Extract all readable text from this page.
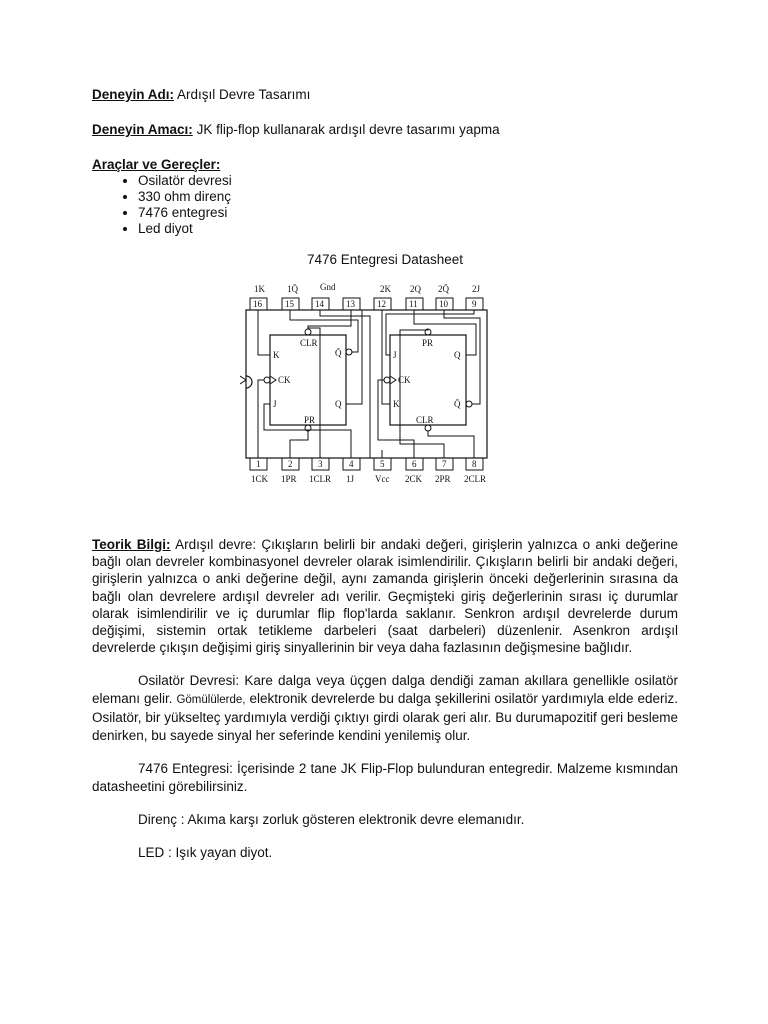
Deneyin Adı: Ardışıl Devre Tasarımı
Deneyin Amacı: JK flip-flop kullanarak ardışıl devre tasarımı yapma
Araçlar ve Gereçler:
• Osilatör devresi
• 330 ohm direnç
• 7476 entegresi
• Led diyot
7476 Entegresi Datasheet
1K 1Q̄ Gnd	2K 2Q 2Q̄	2J
16	15 14 13 12	11 10	9
CLR
K
CK
J
PR
Q̄
Q
PR
J
CK
K
CLR
Q
Q̄
1	2	3	4	5	6	7	8
1CK 1PR 1CLR 1J Vcc 2CK 2PR 2CLR
Teorik Bilgi: Ardışıl devre: Çıkışların belirli bir andaki değeri, girişlerin yalnızca o anki değerine bağlı olan devreler kombinasyonel devreler olarak isimlendirilir. Çıkışların belirli bir andaki değeri, girişlerin yalnızca o anki değerine değil, aynı zamanda girişlerin önceki değerlerinin sırasına da bağlı olan devrelere ardışıl devreler adı verilir. Geçmişteki giriş değerlerinin sırası iç durumlar olarak isimlendirilir ve iç durumlar flip flop'larda saklanır. Senkron ardışıl devrelerde durum değişimi, sistemin ortak tetikleme darbeleri (saat darbeleri) düzenlenir. Asenkron ardışıl devrelerde çıkışın değişimi giriş sinyallerinin bir veya daha fazlasının değişmesine bağlıdır.
Osilatör Devresi: Kare dalga veya üçgen dalga dendiği zaman akıllara genellikle osilatör elemanı gelir. Gömülülerde, elektronik devrelerde bu dalga şekillerini osilatör yardımıyla elde ederiz. Osilatör, bir yükselteç yardımıyla verdiği çıktıyı girdi olarak geri alır. Bu durumapozitif geri besleme denirken, bu sayede sinyal her seferinde kendini yenilemiş olur.
7476 Entegresi: İçerisinde 2 tane JK Flip-Flop bulunduran entegredir. Malzeme kısmından datasheetini görebilirsiniz.
Direnç : Akıma karşı zorluk gösteren elektronik devre elemanıdır.
LED : Işık yayan diyot.
